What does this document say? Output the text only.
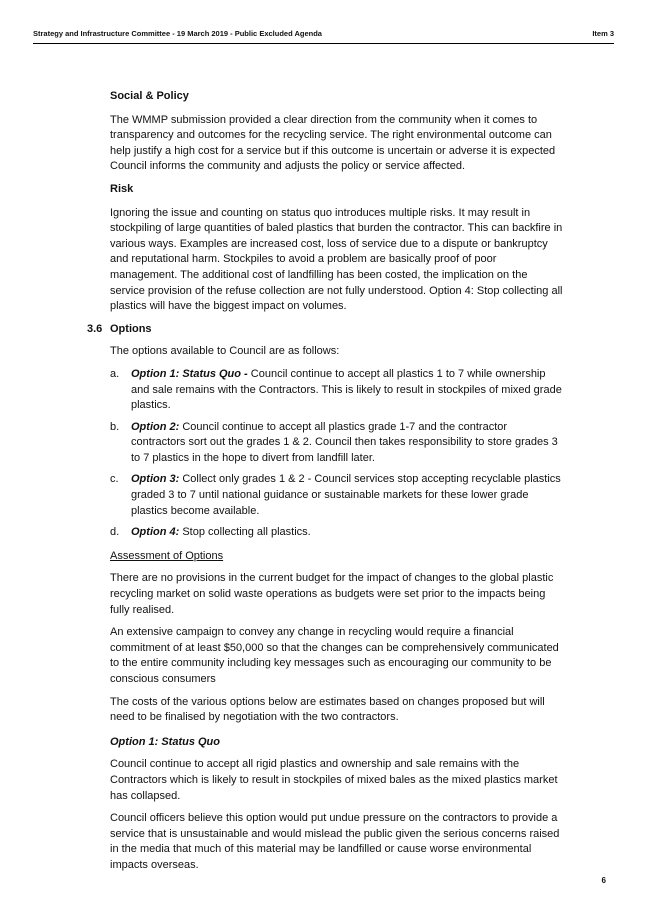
Strategy and Infrastructure Committee - 19 March 2019 - Public Excluded Agenda	Item 3
Social & Policy

The WMMP submission provided a clear direction from the community when it comes to transparency and outcomes for the recycling service. The right environmental outcome can help justify a high cost for a service but if this outcome is uncertain or adverse it is expected Council informs the community and adjusts the policy or service affected.

Risk

Ignoring the issue and counting on status quo introduces multiple risks. It may result in stockpiling of large quantities of baled plastics that burden the contractor. This can backfire in various ways. Examples are increased cost, loss of service due to a dispute or bankruptcy and reputational harm. Stockpiles to avoid a problem are basically proof of poor management. The additional cost of landfilling has been costed, the implication on the service provision of the refuse collection are not fully understood. Option 4: Stop collecting all plastics will have the biggest impact on volumes.

3.6 Options

The options available to Council are as follows:

a. Option 1: Status Quo - Council continue to accept all plastics 1 to 7 while ownership and sale remains with the Contractors. This is likely to result in stockpiles of mixed grade plastics.
b. Option 2: Council continue to accept all plastics grade 1-7 and the contractor contractors sort out the grades 1 & 2. Council then takes responsibility to store grades 3 to 7 plastics in the hope to divert from landfill later.
c. Option 3: Collect only grades 1 & 2 - Council services stop accepting recyclable plastics graded 3 to 7 until national guidance or sustainable markets for these lower grade plastics become available.
d. Option 4: Stop collecting all plastics.
Assessment of Options

There are no provisions in the current budget for the impact of changes to the global plastic recycling market on solid waste operations as budgets were set prior to the impacts being fully realised.

An extensive campaign to convey any change in recycling would require a financial commitment of at least $50,000 so that the changes can be comprehensively communicated to the entire community including key messages such as encouraging our community to be conscious consumers

The costs of the various options below are estimates based on changes proposed but will need to be finalised by negotiation with the two contractors.

Option 1: Status Quo

Council continue to accept all rigid plastics and ownership and sale remains with the Contractors which is likely to result in stockpiles of mixed bales as the mixed plastics market has collapsed.

Council officers believe this option would put undue pressure on the contractors to provide a service that is unsustainable and would mislead the public given the serious concerns raised in the media that much of this material may be landfilled or cause worse environmental impacts overseas.

6
